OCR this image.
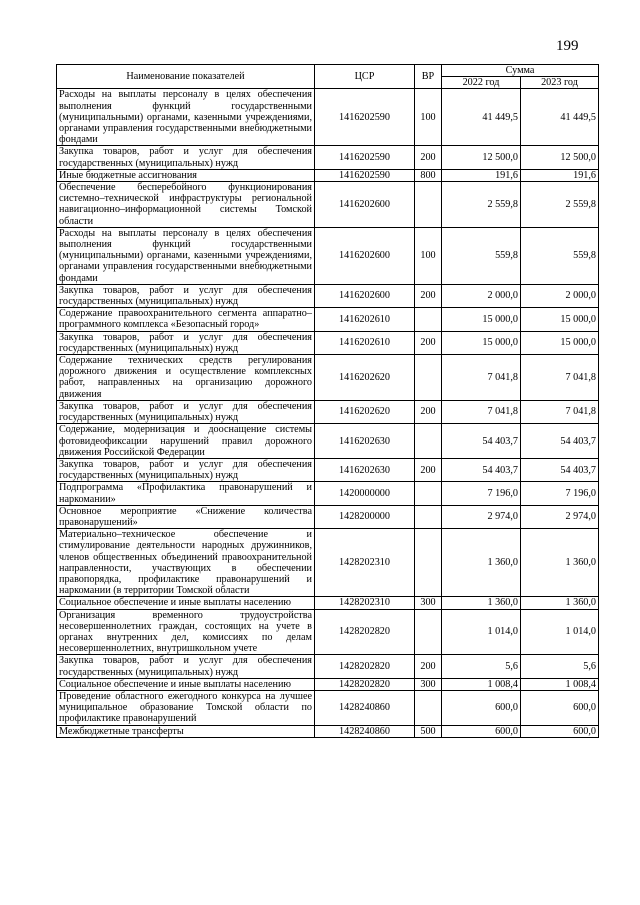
199
Наименование показателей	ЦСР	ВР	Сумма	
			2022 год	2023 год
Расходы на выплаты персоналу в целях обеспечения выполнения функций государственными (муниципальными) органами, казенными учреждениями, органами управления государственными внебюджетными фондами	1416202590	100	41 449,5	41 449,5
Закупка товаров, работ и услуг для обеспечения государственных (муниципальных) нужд	1416202590	200	12 500,0	12 500,0
Иные бюджетные ассигнования	1416202590	800	191,6	191,6
Обеспечение бесперебойного функционирования системно–технической инфраструктуры региональной навигационно–информационной системы Томской области	1416202600		2 559,8	2 559,8
Расходы на выплаты персоналу в целях обеспечения выполнения функций государственными (муниципальными) органами, казенными учреждениями, органами управления государственными внебюджетными фондами	1416202600	100	559,8	559,8
Закупка товаров, работ и услуг для обеспечения государственных (муниципальных) нужд	1416202600	200	2 000,0	2 000,0
Содержание правоохранительного сегмента аппаратно–программного комплекса «Безопасный город»	1416202610		15 000,0	15 000,0
Закупка товаров, работ и услуг для обеспечения государственных (муниципальных) нужд	1416202610	200	15 000,0	15 000,0
Содержание технических средств регулирования дорожного движения и осуществление комплексных работ, направленных на организацию дорожного движения	1416202620		7 041,8	7 041,8
Закупка товаров, работ и услуг для обеспечения государственных (муниципальных) нужд	1416202620	200	7 041,8	7 041,8
Содержание, модернизация и дооснащение системы фотовидеофиксации нарушений правил дорожного движения Российской Федерации	1416202630		54 403,7	54 403,7
Закупка товаров, работ и услуг для обеспечения государственных (муниципальных) нужд	1416202630	200	54 403,7	54 403,7
Подпрограмма «Профилактика правонарушений и наркомании»	1420000000		7 196,0	7 196,0
Основное мероприятие «Снижение количества правонарушений»	1428200000		2 974,0	2 974,0
Материально–техническое обеспечение и стимулирование деятельности народных дружинников, членов общественных объединений правоохранительной направленности, участвующих в обеспечении правопорядка, профилактике правонарушений и наркомании (в территории Томской области	1428202310		1 360,0	1 360,0
Социальное обеспечение и иные выплаты населению	1428202310	300	1 360,0	1 360,0
Организация временного трудоустройства несовершеннолетних граждан, состоящих на учете в органах внутренних дел, комиссиях по делам несовершеннолетних, внутришкольном учете	1428202820		1 014,0	1 014,0
Закупка товаров, работ и услуг для обеспечения государственных (муниципальных) нужд	1428202820	200	5,6	5,6
Социальное обеспечение и иные выплаты населению	1428202820	300	1 008,4	1 008,4
Проведение областного ежегодного конкурса на лучшее муниципальное образование Томской области по профилактике правонарушений	1428240860		600,0	600,0
Межбюджетные трансферты	1428240860	500	600,0	600,0
